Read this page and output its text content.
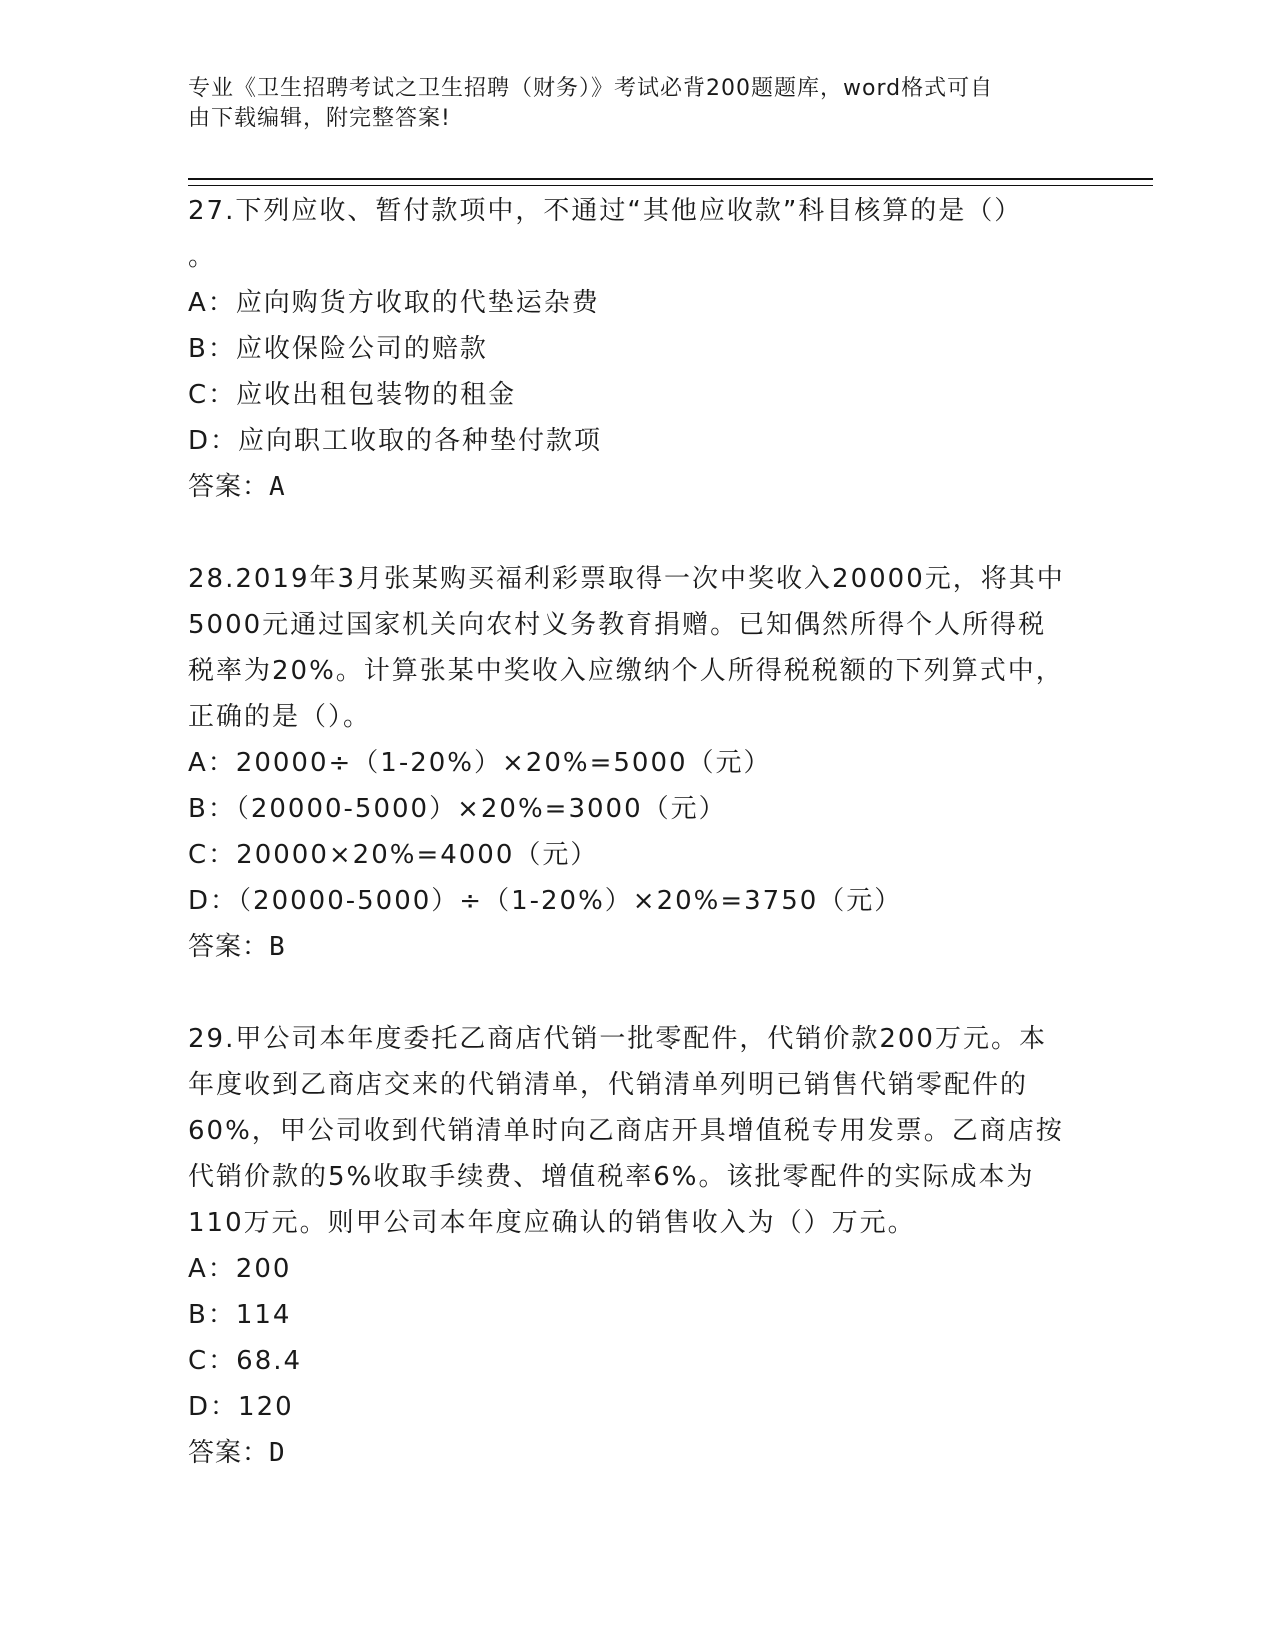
专业《卫生招聘考试之卫生招聘（财务）》考试必背200题题库，word格式可自
由下载编辑，附完整答案!
27.下列应收、暂付款项中，不通过“其他应收款”科目核算的是（）
。
A：应向购货方收取的代垫运杂费
B：应收保险公司的赔款
C：应收出租包装物的租金
D：应向职工收取的各种垫付款项
答案：A
28.2019年3月张某购买福利彩票取得一次中奖收入20000元，将其中
5000元通过国家机关向农村义务教育捐赠。已知偶然所得个人所得税
税率为20%。计算张某中奖收入应缴纳个人所得税税额的下列算式中，
正确的是（）。
A：20000÷（1-20%）×20%=5000（元）
B：（20000-5000）×20%=3000（元）
C：20000×20%=4000（元）
D：（20000-5000）÷（1-20%）×20%=3750（元）
答案：B
29.甲公司本年度委托乙商店代销一批零配件，代销价款200万元。本
年度收到乙商店交来的代销清单，代销清单列明已销售代销零配件的
60%，甲公司收到代销清单时向乙商店开具增值税专用发票。乙商店按
代销价款的5%收取手续费、增值税率6%。该批零配件的实际成本为
110万元。则甲公司本年度应确认的销售收入为（）万元。
A：200
B：114
C：68.4
D：120
答案：D
